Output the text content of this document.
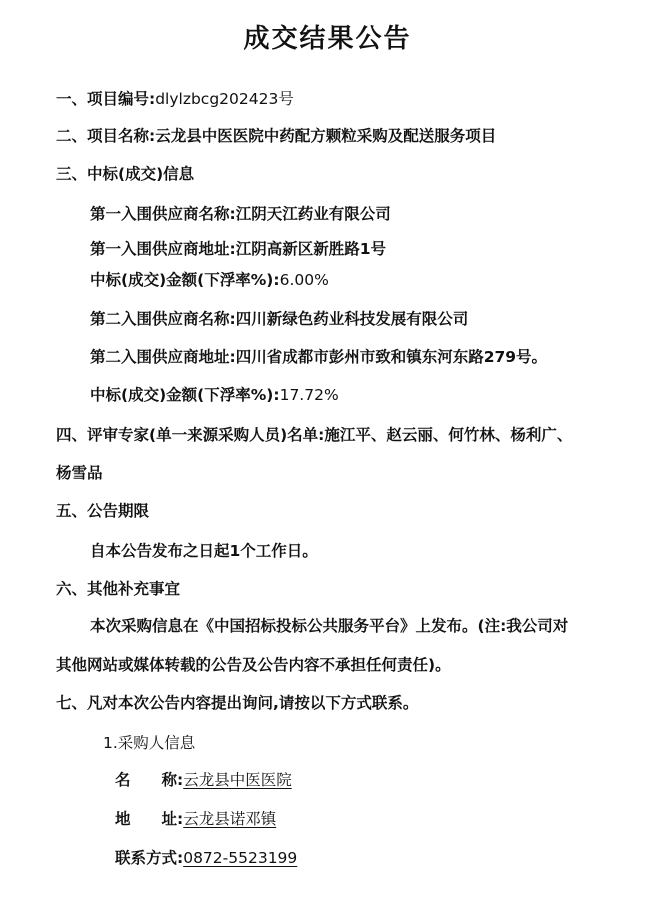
成交结果公告
一、项目编号:dlylzbcg202423号
二、项目名称:云龙县中医医院中药配方颗粒采购及配送服务项目
三、中标(成交)信息
第一入围供应商名称:江阴天江药业有限公司
第一入围供应商地址:江阴高新区新胜路1号
中标(成交)金额(下浮率%):6.00%
第二入围供应商名称:四川新绿色药业科技发展有限公司
第二入围供应商地址:四川省成都市彭州市致和镇东河东路279号。
中标(成交)金额(下浮率%):17.72%
四、评审专家(单一来源采购人员)名单:施江平、赵云丽、何竹林、杨利广、
杨雪品
五、公告期限
自本公告发布之日起1个工作日。
六、其他补充事宜
本次采购信息在《中国招标投标公共服务平台》上发布。(注:我公司对
其他网站或媒体转载的公告及公告内容不承担任何责任)。
七、凡对本次公告内容提出询问,请按以下方式联系。
1.采购人信息
名　　称:云龙县中医医院
地　　址:云龙县诺邓镇
联系方式:0872-5523199
